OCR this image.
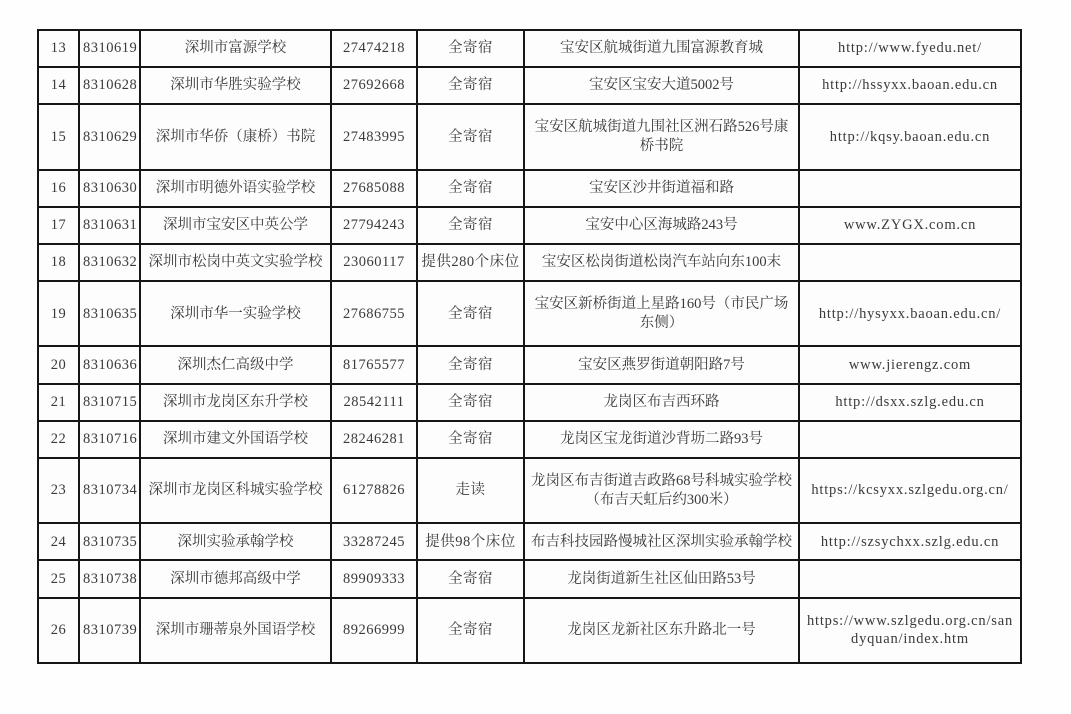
13	8310619	深圳市富源学校	27474218	全寄宿	宝安区航城街道九围富源教育城	http://www.fyedu.net/
14	8310628	深圳市华胜实验学校	27692668	全寄宿	宝安区宝安大道5002号	http://hssyxx.baoan.edu.cn
15	8310629	深圳市华侨（康桥）书院	27483995	全寄宿	宝安区航城街道九围社区洲石路526号康桥书院	http://kqsy.baoan.edu.cn
16	8310630	深圳市明德外语实验学校	27685088	全寄宿	宝安区沙井街道福和路	
17	8310631	深圳市宝安区中英公学	27794243	全寄宿	宝安中心区海城路243号	www.ZYGX.com.cn
18	8310632	深圳市松岗中英文实验学校	23060117	提供280个床位	宝安区松岗街道松岗汽车站向东100末	
19	8310635	深圳市华一实验学校	27686755	全寄宿	宝安区新桥街道上星路160号（市民广场东侧）	http://hysyxx.baoan.edu.cn/
20	8310636	深圳杰仁高级中学	81765577	全寄宿	宝安区燕罗街道朝阳路7号	www.jierengz.com
21	8310715	深圳市龙岗区东升学校	28542111	全寄宿	龙岗区布吉西环路	http://dsxx.szlg.edu.cn
22	8310716	深圳市建文外国语学校	28246281	全寄宿	龙岗区宝龙街道沙背坜二路93号	
23	8310734	深圳市龙岗区科城实验学校	61278826	走读	龙岗区布吉街道吉政路68号科城实验学校（布吉天虹后约300米）	https://kcsyxx.szlgedu.org.cn/
24	8310735	深圳实验承翰学校	33287245	提供98个床位	布吉科技园路慢城社区深圳实验承翰学校	http://szsychxx.szlg.edu.cn
25	8310738	深圳市德邦高级中学	89909333	全寄宿	龙岗街道新生社区仙田路53号	
26	8310739	深圳市珊蒂泉外国语学校	89266999	全寄宿	龙岗区龙新社区东升路北一号	https://www.szlgedu.org.cn/sandyquan/index.htm
